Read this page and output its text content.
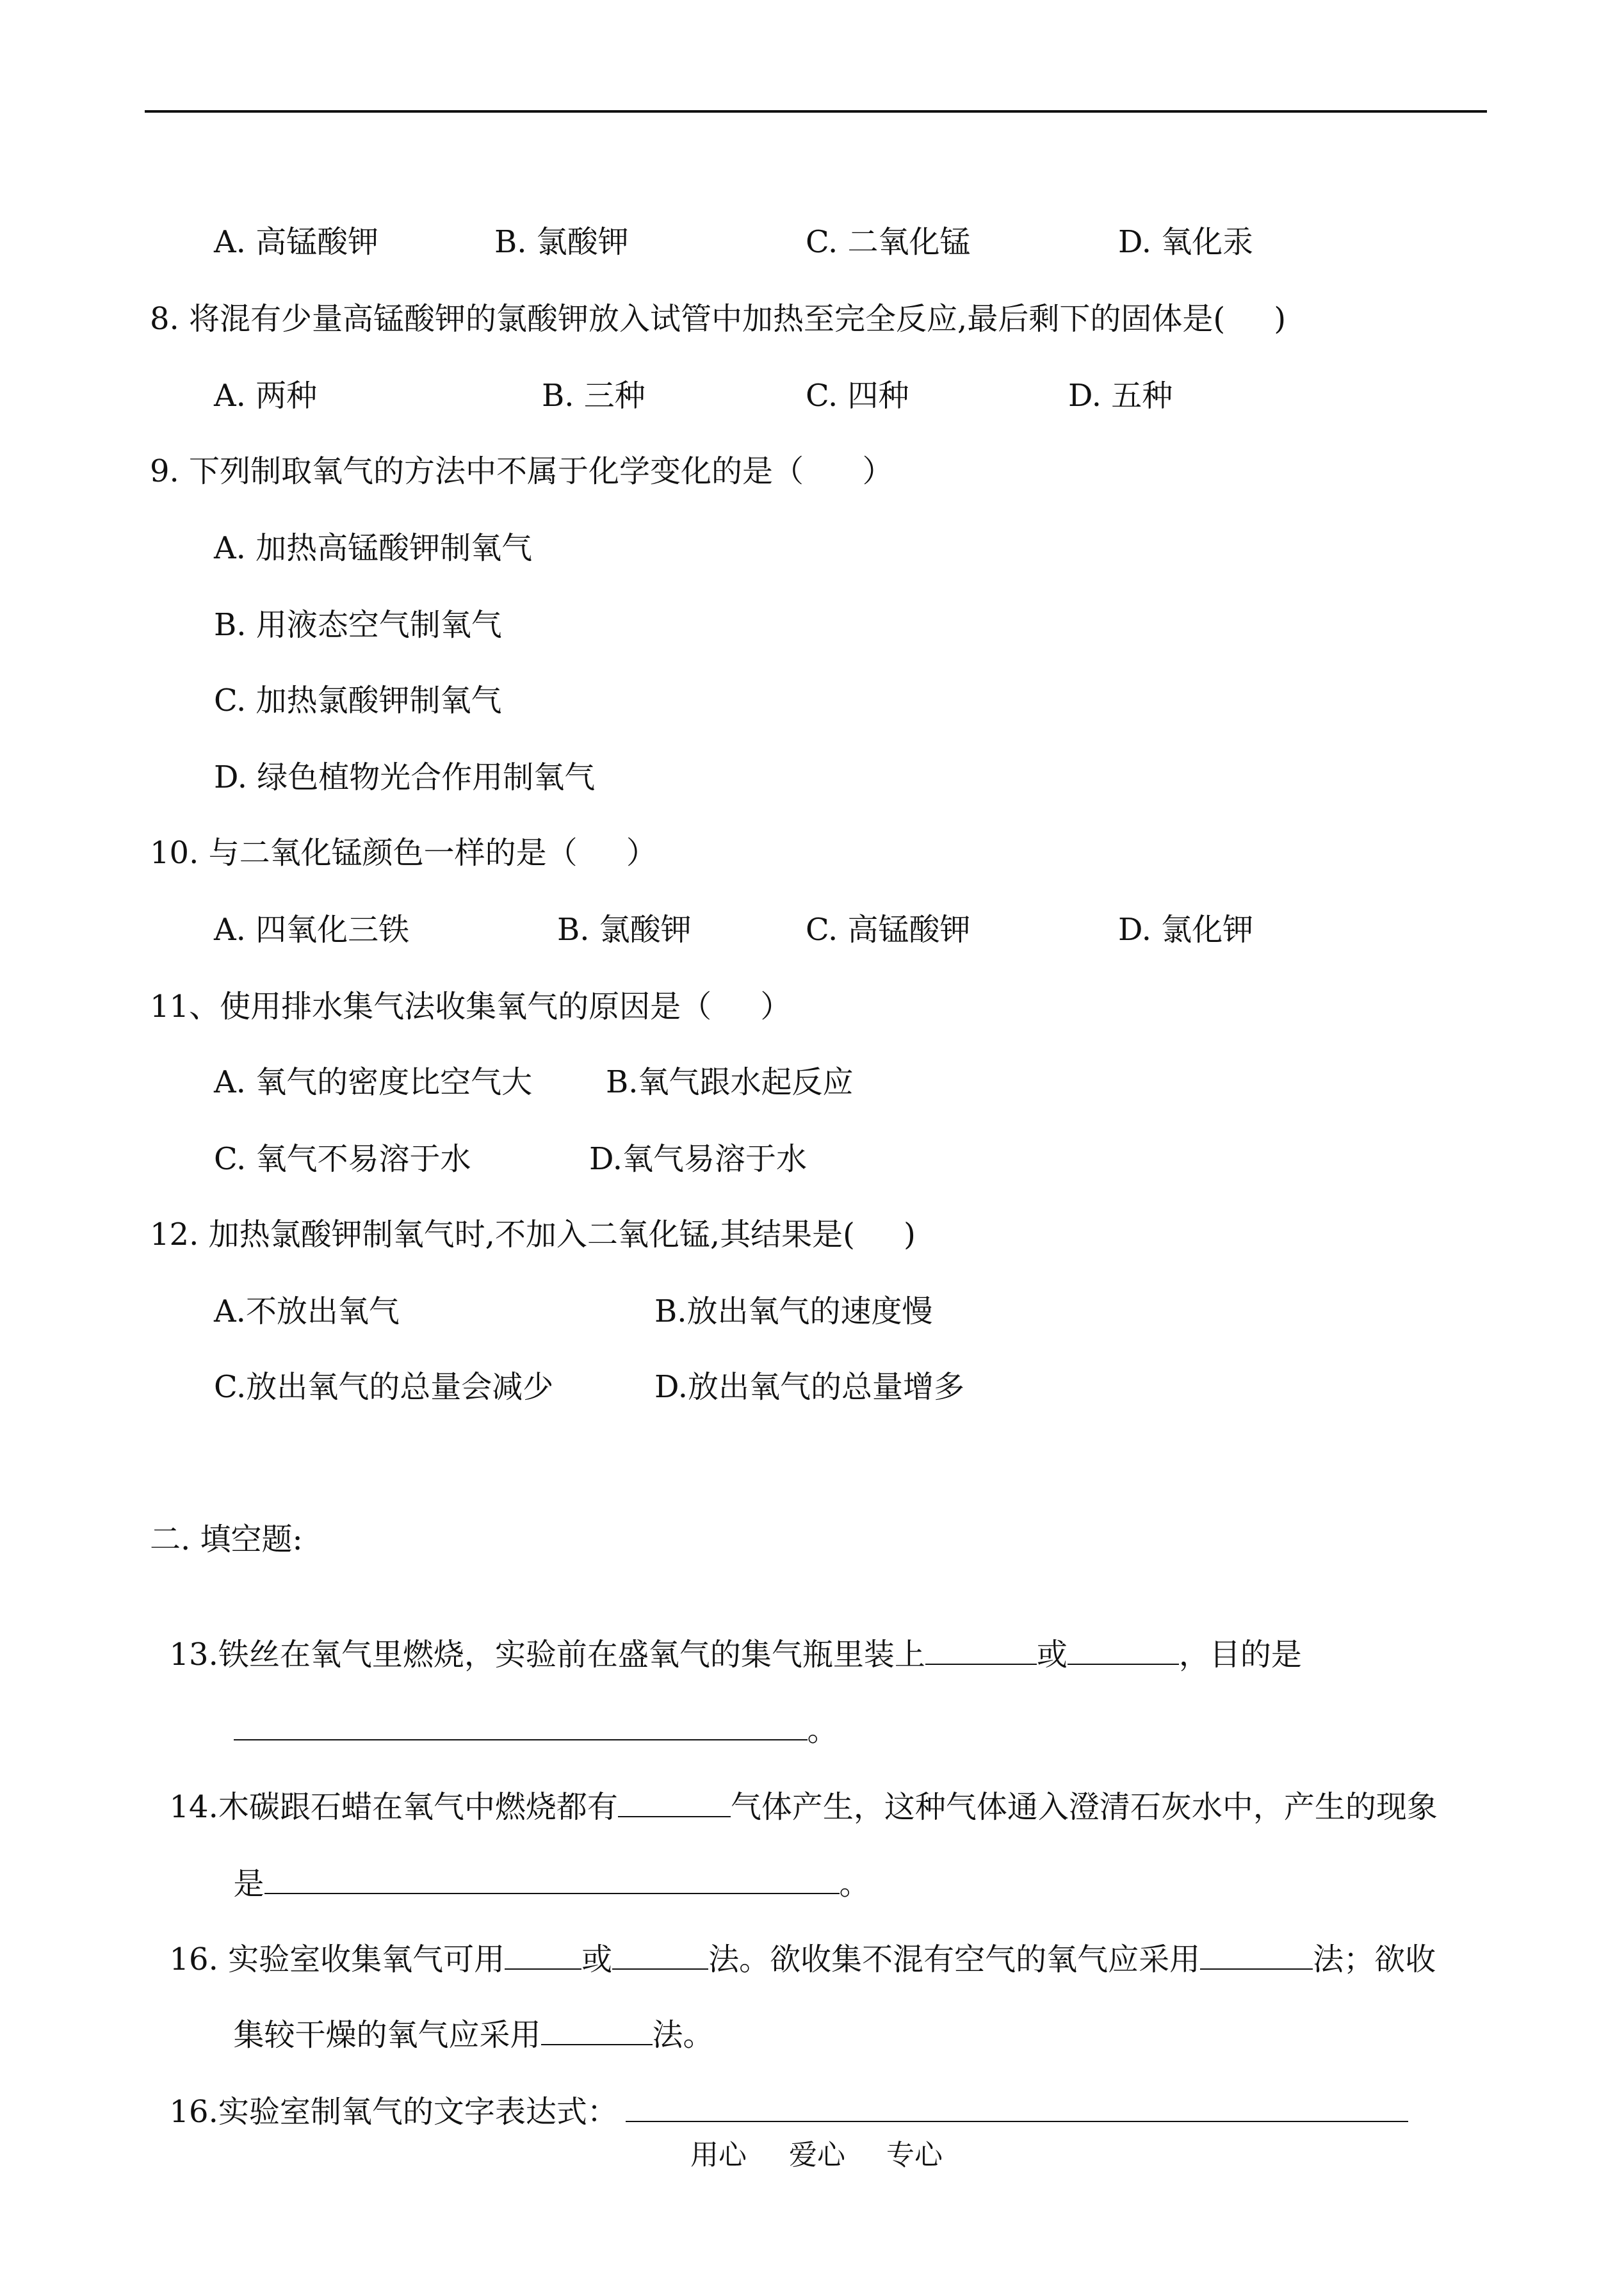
A. 高锰酸钾	B. 氯酸钾	C. 二氧化锰	D. 氧化汞
8. 将混有少量高锰酸钾的氯酸钾放入试管中加热至完全反应,最后剩下的固体是(     )
A. 两种	B. 三种	C. 四种	D. 五种
9. 下列制取氧气的方法中不属于化学变化的是（      ）
A. 加热高锰酸钾制氧气
B. 用液态空气制氧气
C. 加热氯酸钾制氧气
D. 绿色植物光合作用制氧气
10. 与二氧化锰颜色一样的是（     ）
A. 四氧化三铁	B. 氯酸钾	C. 高锰酸钾	D. 氯化钾
11、使用排水集气法收集氧气的原因是（     ）
A. 氧气的密度比空气大 B.氧气跟水起反应
C. 氧气不易溶于水	D.氧气易溶于水
12. 加热氯酸钾制氧气时,不加入二氧化锰,其结果是(     )
A.不放出氧气	B.放出氧气的速度慢
C.放出氧气的总量会减少	D.放出氧气的总量增多
二. 填空题:

13.铁丝在氧气里燃烧，实验前在盛氧气的集气瓶里装上	或	，目的是

。

14.木碳跟石蜡在氧气中燃烧都有	气体产生，这种气体通入澄清石灰水中，产生的现象

是	。

16. 实验室收集氧气可用	或	法。欲收集不混有空气的氧气应采用	法；欲收

集较干燥的氧气应采用	法。

16.实验室制氧气的文字表达式：

用心 爱心 专心
